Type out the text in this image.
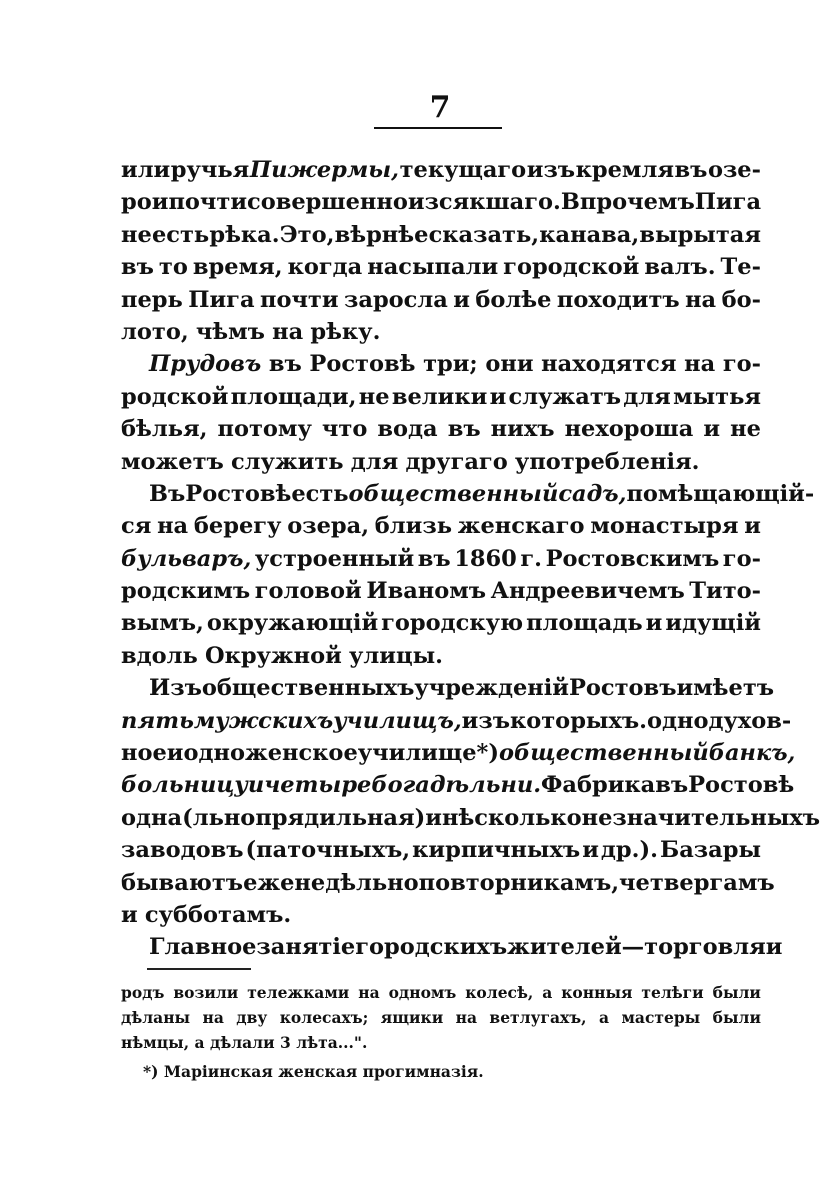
7
или ручья Пижермы, текущаго изъ кремля въ озе-
ро и почти совершенно изсякшаго. Впрочемъ Пига
не есть рѣка. Это, вѣрнѣе сказать, канава, вырытая
въ то время, когда насыпали городской валъ. Те-
перь Пига почти заросла и болѣе походитъ на бо-
лото, чѣмъ на рѣку.
Прудовъ въ Ростовѣ три; они находятся на го-
родской площади, не велики и служатъ для мытья
бѣлья, потому что вода въ нихъ нехороша и не
можетъ служить для другаго употребленія.
Въ Ростовѣ есть общественный садъ, помѣщающій-
ся на берегу озера, близь женскаго монастыря и
бульваръ, устроенный въ 1860 г. Ростовскимъ го-
родскимъ головой Иваномъ Андреевичемъ Тито-
вымъ, окружающій городскую площадь и идущій
вдоль Окружной улицы.
Изъ общественныхъ учрежденій Ростовъ имѣетъ
пять мужскихъ училищъ, изъ которыхъ. одно духов-
ное и одно женское училище *) общественный банкъ,
больницу и четыре богадѣльни. Фабрика въ Ростовѣ
одна (льнопрядильная) и нѣсколько незначительныхъ
заводовъ (паточныхъ, кирпичныхъ и др.). Базары
бываютъ еженедѣльно по вторникамъ, четвергамъ
и субботамъ.
Главное занятіе городскихъ жителей—торговля и
родъ возили тележками на одномъ колесѣ, а конныя телѣги были
дѣланы на дву колесахъ; ящики на ветлугахъ, а мастеры были
нѣмцы, а дѣлали 3 лѣта...".
*) Маріинская женская прогимназія.
